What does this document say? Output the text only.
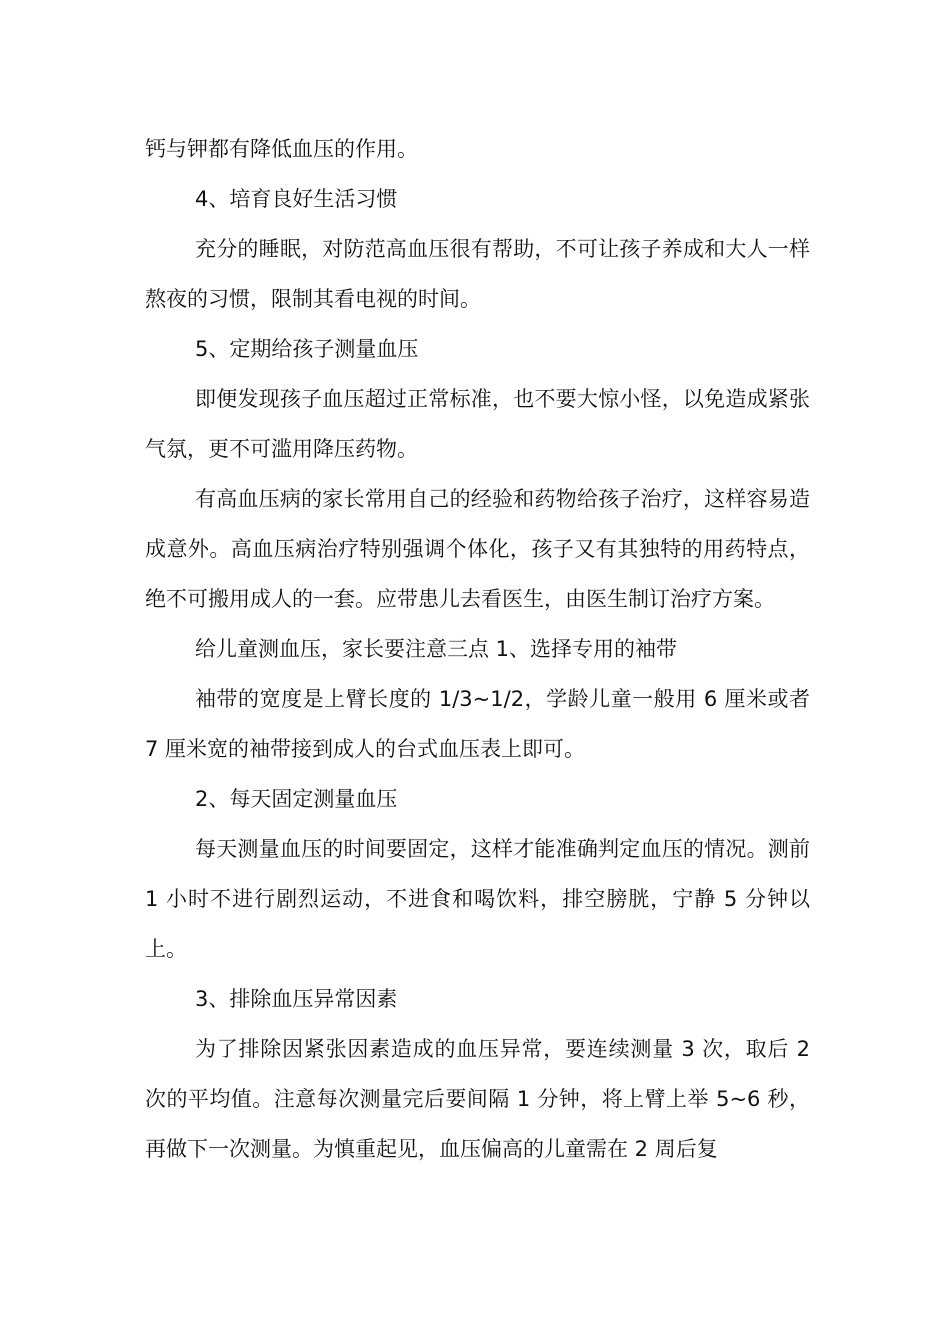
钙与钾都有降低血压的作用。

4、培育良好生活习惯

充分的睡眠，对防范高血压很有帮助，不可让孩子养成和大人一样熬夜的习惯，限制其看电视的时间。

5、定期给孩子测量血压

即便发现孩子血压超过正常标准，也不要大惊小怪，以免造成紧张气氛，更不可滥用降压药物。

有高血压病的家长常用自己的经验和药物给孩子治疗，这样容易造成意外。高血压病治疗特别强调个体化，孩子又有其独特的用药特点，绝不可搬用成人的一套。应带患儿去看医生，由医生制订治疗方案。

给儿童测血压，家长要注意三点 1、选择专用的袖带

袖带的宽度是上臂长度的 1/3~1/2，学龄儿童一般用 6 厘米或者 7 厘米宽的袖带接到成人的台式血压表上即可。

2、每天固定测量血压

每天测量血压的时间要固定，这样才能准确判定血压的情况。测前 1 小时不进行剧烈运动，不进食和喝饮料，排空膀胱，宁静 5 分钟以上。

3、排除血压异常因素

为了排除因紧张因素造成的血压异常，要连续测量 3 次，取后 2 次的平均值。注意每次测量完后要间隔 1 分钟，将上臂上举 5~6 秒，再做下一次测量。为慎重起见，血压偏高的儿童需在 2 周后复
